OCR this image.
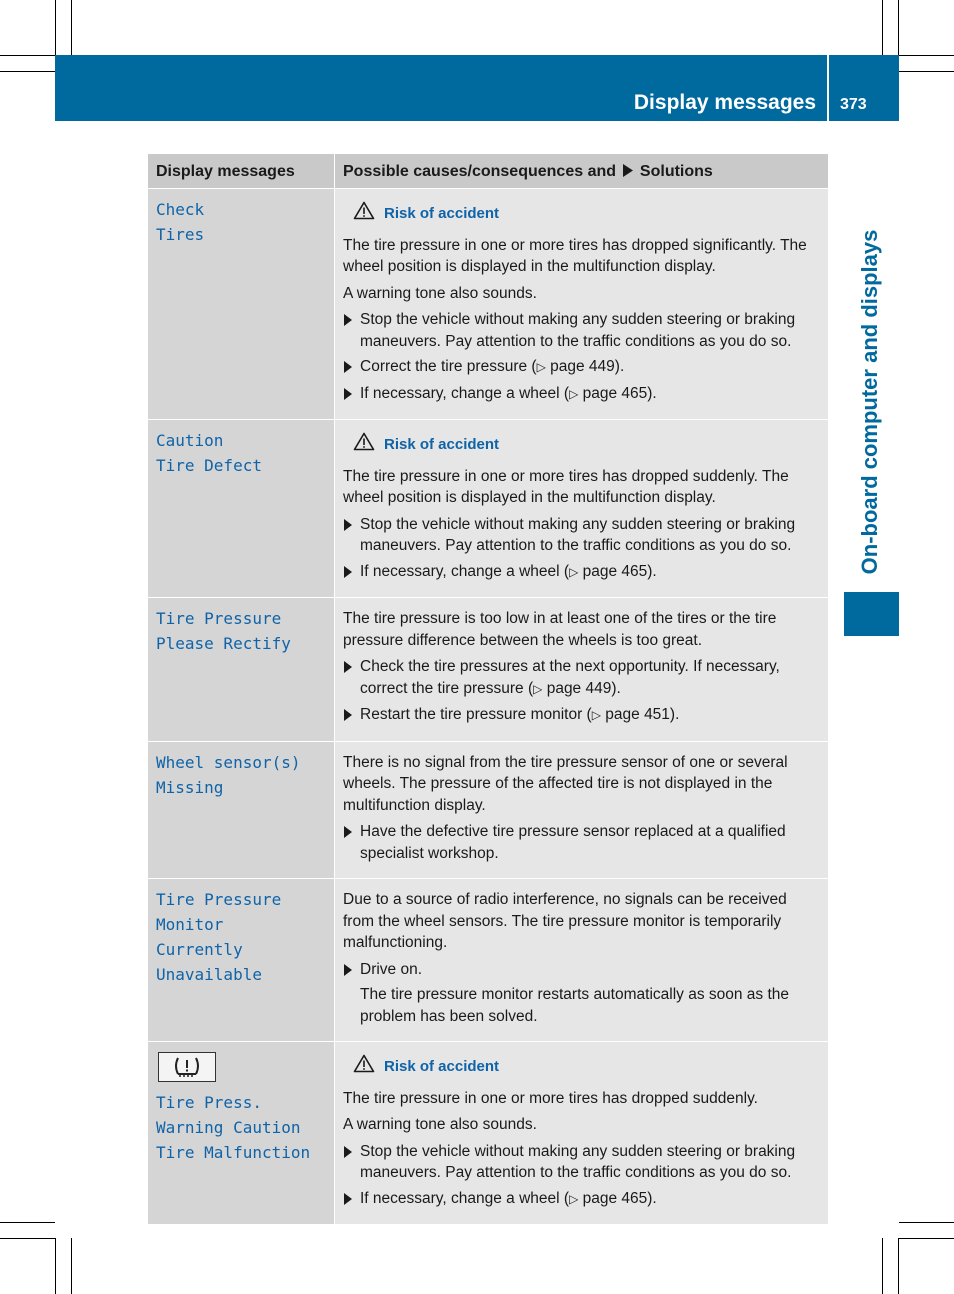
Display messages 373
On-board computer and displays
Display messages	Possible causes/consequences and Solutions
Check
Tires
Risk of accident
The tire pressure in one or more tires has dropped significantly. The wheel position is displayed in the multifunction display.
A warning tone also sounds.
Stop the vehicle without making any sudden steering or braking maneuvers. Pay attention to the traffic conditions as you do so.
Correct the tire pressure (▷ page 449).
If necessary, change a wheel (▷ page 465).
Caution
Tire Defect
Risk of accident
The tire pressure in one or more tires has dropped suddenly. The wheel position is displayed in the multifunction display.
Stop the vehicle without making any sudden steering or braking maneuvers. Pay attention to the traffic conditions as you do so.
If necessary, change a wheel (▷ page 465).
Tire Pressure
Please Rectify
The tire pressure is too low in at least one of the tires or the tire pressure difference between the wheels is too great.
Check the tire pressures at the next opportunity. If necessary, correct the tire pressure (▷ page 449).
Restart the tire pressure monitor (▷ page 451).
Wheel sensor(s)
Missing
There is no signal from the tire pressure sensor of one or several wheels. The pressure of the affected tire is not displayed in the multifunction display.
Have the defective tire pressure sensor replaced at a qualified specialist workshop.
Tire Pressure
Monitor
Currently
Unavailable
Due to a source of radio interference, no signals can be received from the wheel sensors. The tire pressure monitor is temporarily malfunctioning.
Drive on.
The tire pressure monitor restarts automatically as soon as the problem has been solved.
Tire Press.
Warning Caution
Tire Malfunction
Risk of accident
The tire pressure in one or more tires has dropped suddenly.
A warning tone also sounds.
Stop the vehicle without making any sudden steering or braking maneuvers. Pay attention to the traffic conditions as you do so.
If necessary, change a wheel (▷ page 465).
